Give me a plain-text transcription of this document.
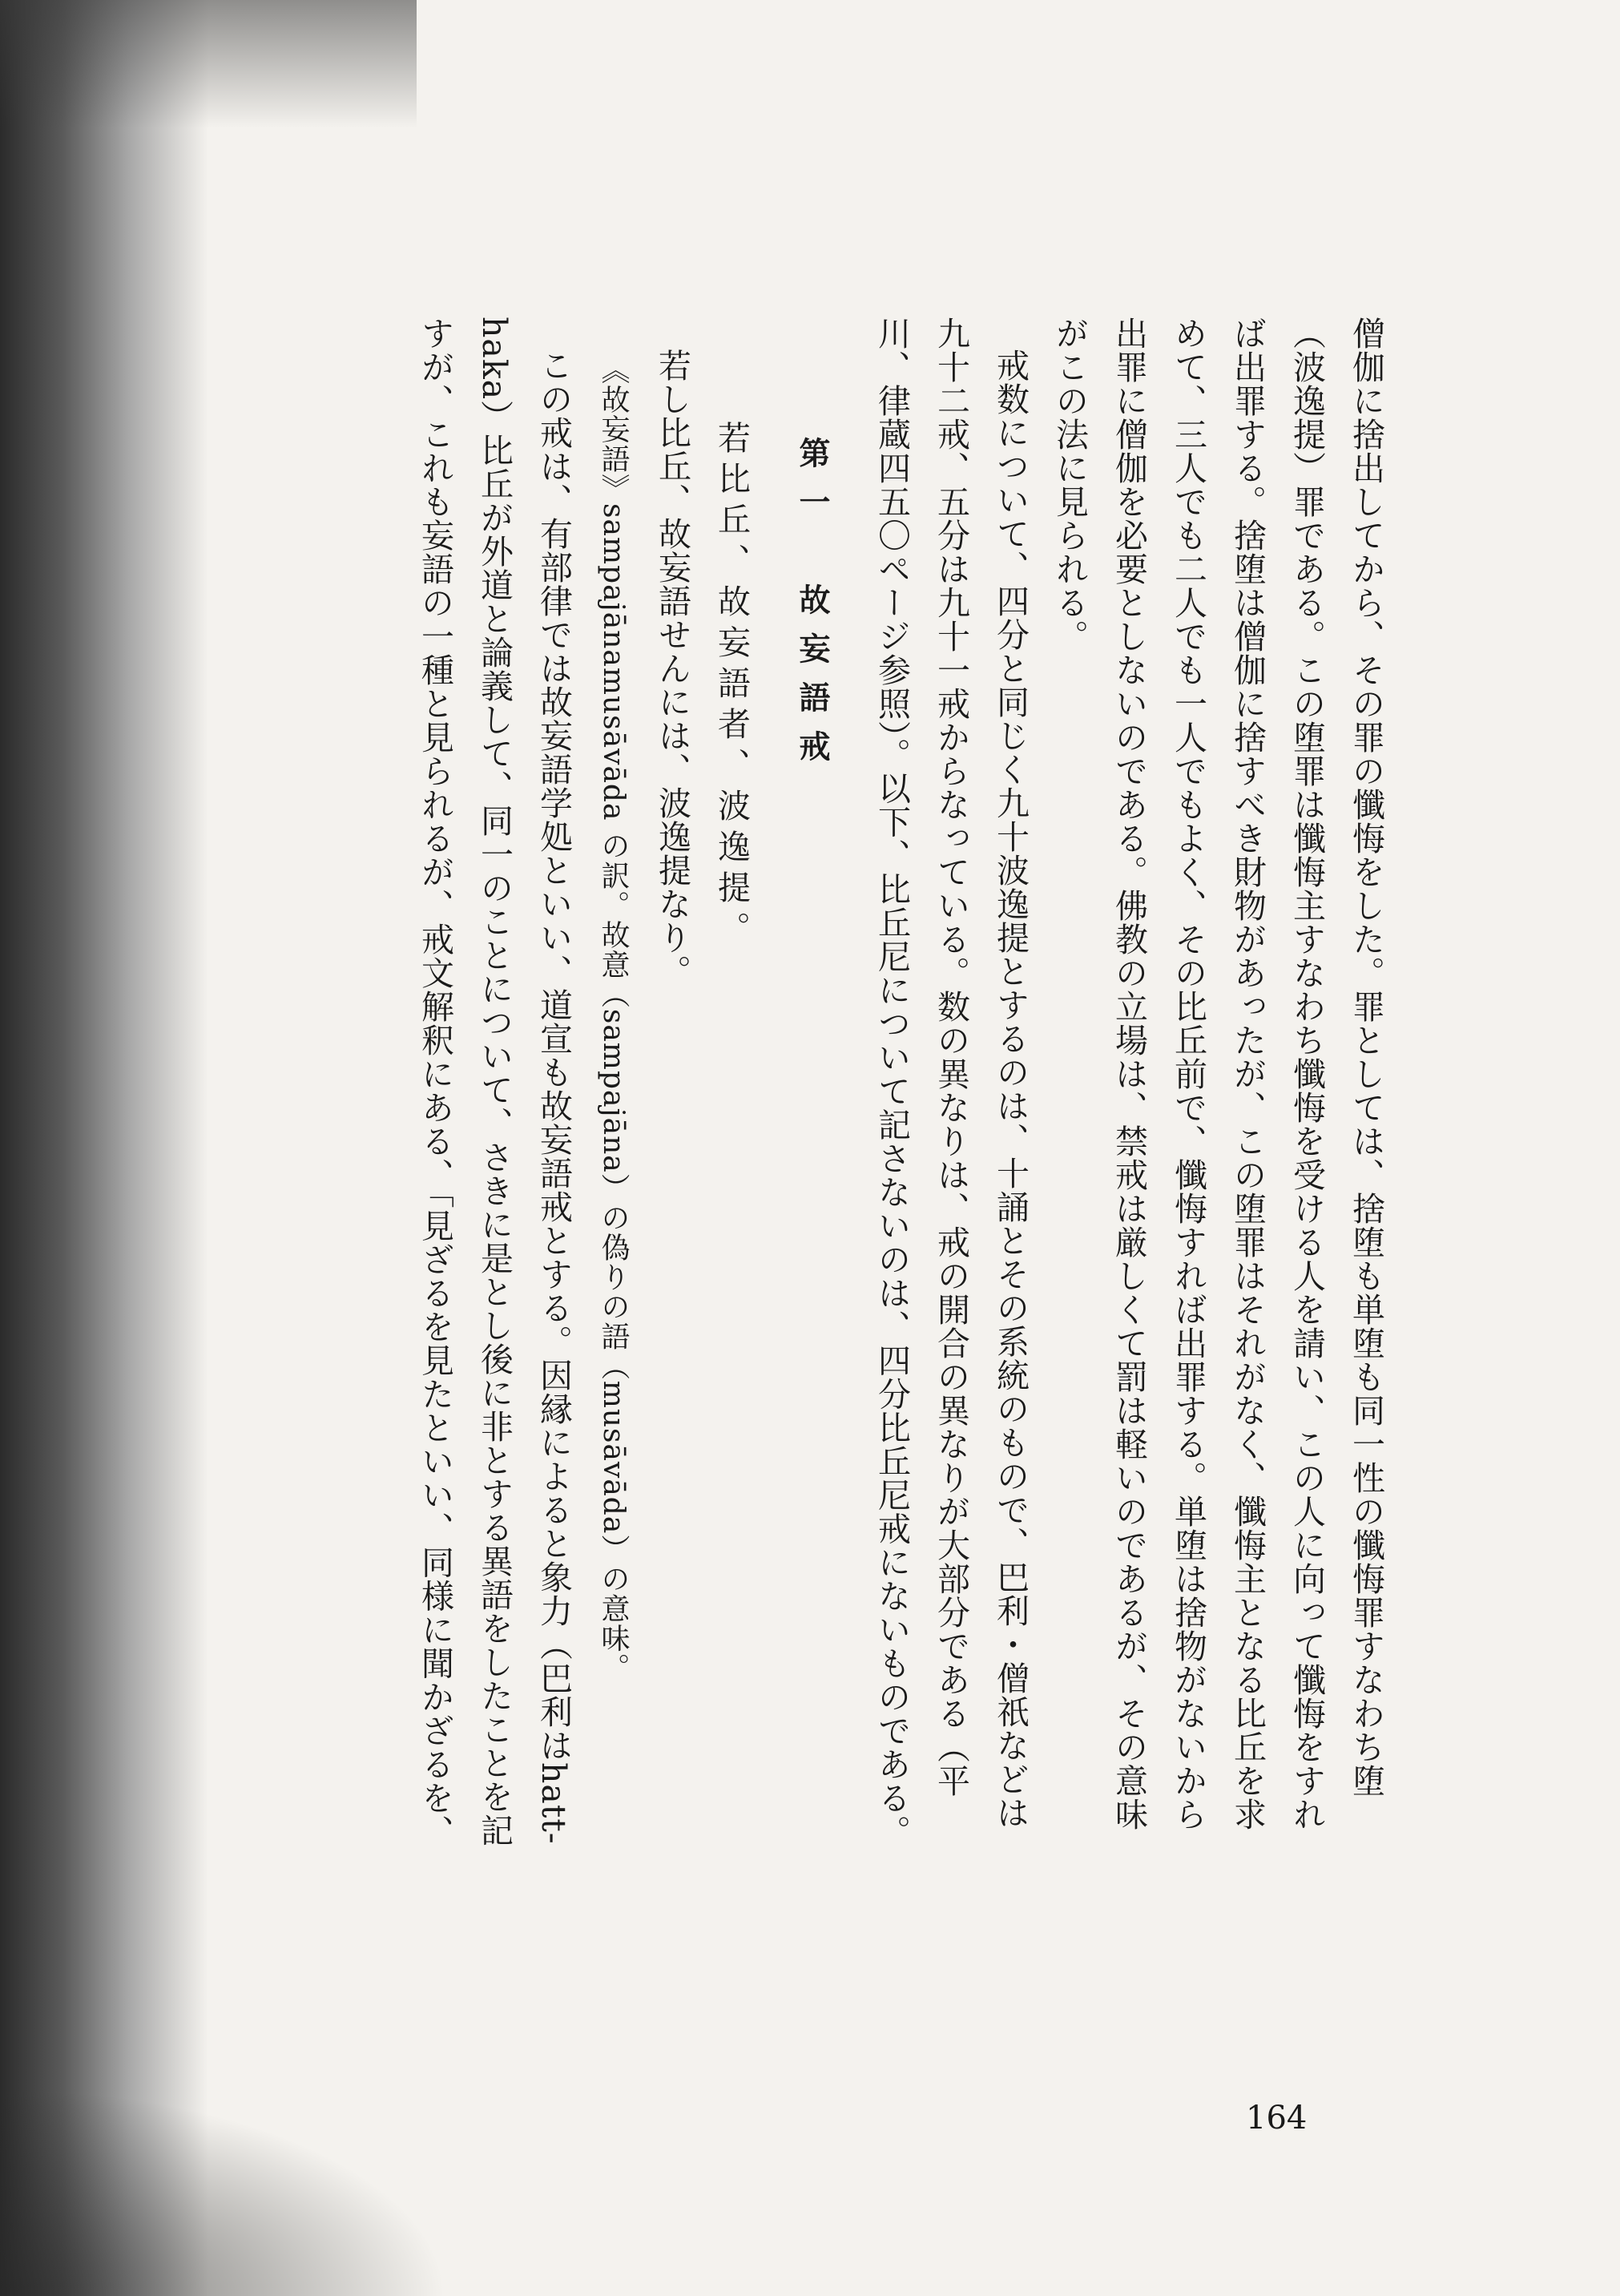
僧伽に捨出してから、その罪の懺悔をした。罪としては、捨堕も単堕も同一性の懺悔罪すなわち堕
（波逸提）罪である。この堕罪は懺悔主すなわち懺悔を受ける人を請い、この人に向って懺悔をすれ
ば出罪する。捨堕は僧伽に捨すべき財物があったが、この堕罪はそれがなく、懺悔主となる比丘を求
めて、三人でも二人でも一人でもよく、その比丘前で、懺悔すれば出罪する。単堕は捨物がないから
出罪に僧伽を必要としないのである。佛教の立場は、禁戒は厳しくて罰は軽いのであるが、その意味
がこの法に見られる。
戒数について、四分と同じく九十波逸提とするのは、十誦とその系統のもので、巴利・僧祇などは
九十二戒、五分は九十一戒からなっている。数の異なりは、戒の開合の異なりが大部分である（平
川、律蔵四五〇ページ参照）。以下、比丘尼について記さないのは、四分比丘尼戒にないものである。
第一　故妄語戒
若比丘、故妄語者、波逸提。
若し比丘、故妄語せんには、波逸提なり。
《故妄語》sampajānamusāvāda の訳。故意（sampajāna）の偽りの語（musāvāda）の意味。
この戒は、有部律では故妄語学処といい、道宣も故妄語戒とする。因縁によると象力（巴利はhatt-
haka）比丘が外道と論義して、同一のことについて、さきに是とし後に非とする異語をしたことを記
すが、これも妄語の一種と見られるが、戒文解釈にある、「見ざるを見たといい、同様に聞かざるを、
164
